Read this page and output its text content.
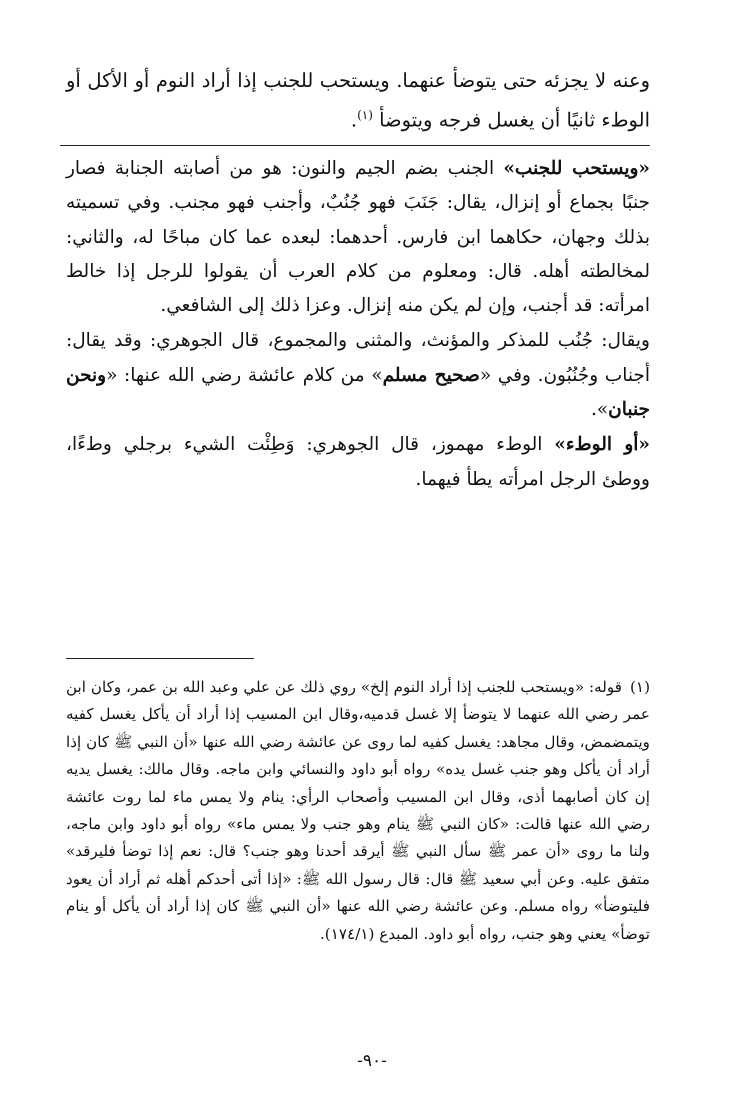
وعنه لا يجزئه حتى يتوضأ عنهما. ويستحب للجنب إذا أراد النوم أو الأكل أو الوطء ثانيًا أن يغسل فرجه ويتوضأ $^{(١)}$.

«ويستحب للجنب» الجنب بضم الجيم والنون: هو من أصابته الجنابة فصار جنبًا بجماع أو إنزال، يقال: جَنَبَ فهو جُنُبٌ، وأجنب فهو مجنب. وفي تسميته بذلك وجهان، حكاهما ابن فارس. أحدهما: لبعده عما كان مباحًا له، والثاني: لمخالطته أهله. قال: ومعلوم من كلام العرب أن يقولوا للرجل إذا خالط امرأته: قد أجنب، وإن لم يكن منه إنزال. وعزا ذلك إلى الشافعي.

ويقال: جُنُب للمذكر والمؤنث، والمثنى والمجموع، قال الجوهري: وقد يقال: أجناب وجُنُبُون. وفي «صحيح مسلم» من كلام عائشة رضي الله عنها: «ونحن جنبان».

«أو الوطء» الوطء مهموز، قال الجوهري: وَطِئْت الشيء برجلي وطءًا، ووطئ الرجل امرأته يطأ فيهما.

(١)قوله: «ويستحب للجنب إذا أراد النوم إلخ» روي ذلك عن علي وعبد الله بن عمر، وكان ابن عمر رضي الله عنهما لا يتوضأ إلا غسل قدميه،وقال ابن المسيب إذا أراد أن يأكل يغسل كفيه ويتمضمض، وقال مجاهد: يغسل كفيه لما روى عن عائشة رضي الله عنها «أن النبي ﷺ كان إذا أراد أن يأكل وهو جنب غسل يده» رواه أبو داود والنسائي وابن ماجه. وقال مالك: يغسل يديه إن كان أصابهما أذى، وقال ابن المسيب وأصحاب الرأي: ينام ولا يمس ماء لما روت عائشة رضي الله عنها قالت: «كان النبي ﷺ ينام وهو جنب ولا يمس ماء» رواه أبو داود وابن ماجه، ولنا ما روى «أن عمر ﷺ سأل النبي ﷺ أيرقد أحدنا وهو جنب؟ قال: نعم إذا توضأ فليرقد» متفق عليه. وعن أبي سعيد ﷺ قال: قال رسول الله ﷺ: «إذا أتى أحدكم أهله ثم أراد أن يعود فليتوضأ» رواه مسلم. وعن عائشة رضي الله عنها «أن النبي ﷺ كان إذا أراد أن يأكل أو ينام توضأ» يعني وهو جنب، رواه أبو داود. المبدع (١٧٤/١).
-٩٠-
